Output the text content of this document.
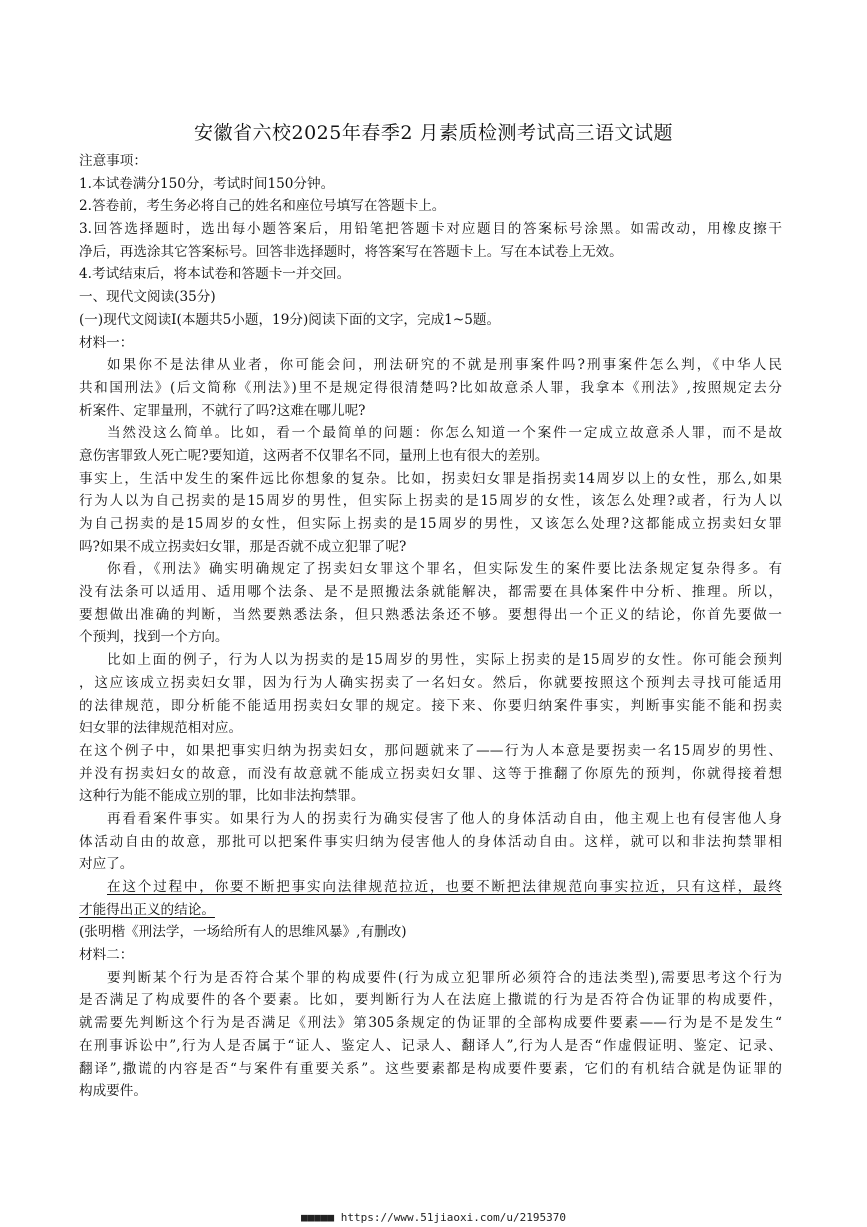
安徽省六校2025年春季2 月素质检测考试高三语文试题
注意事项：
1.本试卷满分150分，考试时间150分钟。
2.答卷前，考生务必将自己的姓名和座位号填写在答题卡上。
3.回答选择题时，选出每小题答案后，用铅笔把答题卡对应题目的答案标号涂黑。如需改动，用橡皮擦干
净后，再选涂其它答案标号。回答非选择题时，将答案写在答题卡上。写在本试卷上无效。
4.考试结束后，将本试卷和答题卡一并交回。
一、现代文阅读(35分)
(一)现代文阅读I(本题共5小题，19分)阅读下面的文字，完成1~5题。
材料一：
如果你不是法律从业者，你可能会问，刑法研究的不就是刑事案件吗?刑事案件怎么判，《中华人民
共和国刑法》(后文简称《刑法》)里不是规定得很清楚吗?比如故意杀人罪，我拿本《刑法》,按照规定去分
析案件、定罪量刑，不就行了吗?这难在哪儿呢?
当然没这么简单。比如，看一个最简单的问题：你怎么知道一个案件一定成立故意杀人罪，而不是故
意伤害罪致人死亡呢?要知道，这两者不仅罪名不同，量刑上也有很大的差别。
事实上，生活中发生的案件远比你想象的复杂。比如，拐卖妇女罪是指拐卖14周岁以上的女性，那么,如果
行为人以为自己拐卖的是15周岁的男性，但实际上拐卖的是15周岁的女性，该怎么处理?或者，行为人以
为自己拐卖的是15周岁的女性，但实际上拐卖的是15周岁的男性，又该怎么处理?这都能成立拐卖妇女罪
吗?如果不成立拐卖妇女罪，那是否就不成立犯罪了呢?
你看，《刑法》确实明确规定了拐卖妇女罪这个罪名，但实际发生的案件要比法条规定复杂得多。有
没有法条可以适用、适用哪个法条、是不是照搬法条就能解决，都需要在具体案件中分析、推理。所以，
要想做出准确的判断，当然要熟悉法条，但只熟悉法条还不够。要想得出一个正义的结论，你首先要做一
个预判，找到一个方向。
比如上面的例子，行为人以为拐卖的是15周岁的男性，实际上拐卖的是15周岁的女性。你可能会预判
，这应该成立拐卖妇女罪，因为行为人确实拐卖了一名妇女。然后，你就要按照这个预判去寻找可能适用
的法律规范，即分析能不能适用拐卖妇女罪的规定。接下来、你要归纳案件事实，判断事实能不能和拐卖
妇女罪的法律规范相对应。
在这个例子中，如果把事实归纳为拐卖妇女，那问题就来了——行为人本意是要拐卖一名15周岁的男性、
并没有拐卖妇女的故意，而没有故意就不能成立拐卖妇女罪、这等于推翻了你原先的预判，你就得接着想
这种行为能不能成立别的罪，比如非法拘禁罪。
再看看案件事实。如果行为人的拐卖行为确实侵害了他人的身体活动自由，他主观上也有侵害他人身
体活动自由的故意，那批可以把案件事实归纳为侵害他人的身体活动自由。这样，就可以和非法拘禁罪相
对应了。
在这个过程中，你要不断把事实向法律规范拉近，也要不断把法律规范向事实拉近，只有这样，最终
才能得出正义的结论。
(张明楷《刑法学，一场给所有人的思维风暴》,有删改)
材料二：
要判断某个行为是否符合某个罪的构成要件(行为成立犯罪所必须符合的违法类型),需要思考这个行为
是否满足了构成要件的各个要素。比如，要判断行为人在法庭上撒谎的行为是否符合伪证罪的构成要件，
就需要先判断这个行为是否满足《刑法》第305条规定的伪证罪的全部构成要件要素——行为是不是发生“
在刑事诉讼中”,行为人是否属于“证人、鉴定人、记录人、翻译人”,行为人是否“作虚假证明、鉴定、记录、
翻译”,撒谎的内容是否“与案件有重要关系”。这些要素都是构成要件要素，它们的有机结合就是伪证罪的
构成要件。
■■■■■ https://www.51jiaoxi.com/u/2195370
